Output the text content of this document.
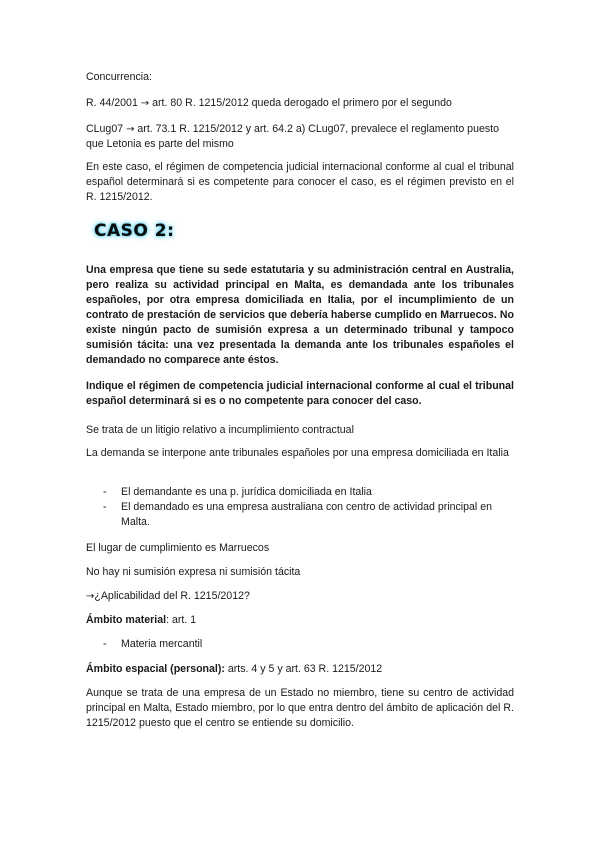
Concurrencia:
R. 44/2001 → art. 80 R. 1215/2012 queda derogado el primero por el segundo
CLug07 → art. 73.1 R. 1215/2012 y art. 64.2 a) CLug07, prevalece el reglamento puesto que Letonia es parte del mismo
En este caso, el régimen de competencia judicial internacional conforme al cual el tribunal español determinará si es competente para conocer el caso, es el régimen previsto en el R. 1215/2012.
CASO 2:
Una empresa que tiene su sede estatutaria y su administración central en Australia, pero realiza su actividad principal en Malta, es demandada ante los tribunales españoles, por otra empresa domiciliada en Italia, por el incumplimiento de un contrato de prestación de servicios que debería haberse cumplido en Marruecos. No existe ningún pacto de sumisión expresa a un determinado tribunal y tampoco sumisión tácita: una vez presentada la demanda ante los tribunales españoles el demandado no comparece ante éstos.
Indique el régimen de competencia judicial internacional conforme al cual el tribunal español determinará si es o no competente para conocer del caso.
Se trata de un litigio relativo a incumplimiento contractual
La demanda se interpone ante tribunales españoles por una empresa domiciliada en Italia
- El demandante es una p. jurídica domiciliada en Italia
- El demandado es una empresa australiana con centro de actividad principal en Malta.
El lugar de cumplimiento es Marruecos
No hay ni sumisión expresa ni sumisión tácita
→¿Aplicabilidad del R. 1215/2012?
Ámbito material: art. 1
- Materia mercantil
Ámbito espacial (personal): arts. 4 y 5 y art. 63 R. 1215/2012
Aunque se trata de una empresa de un Estado no miembro, tiene su centro de actividad principal en Malta, Estado miembro, por lo que entra dentro del ámbito de aplicación del R. 1215/2012 puesto que el centro se entiende su domicilio.
